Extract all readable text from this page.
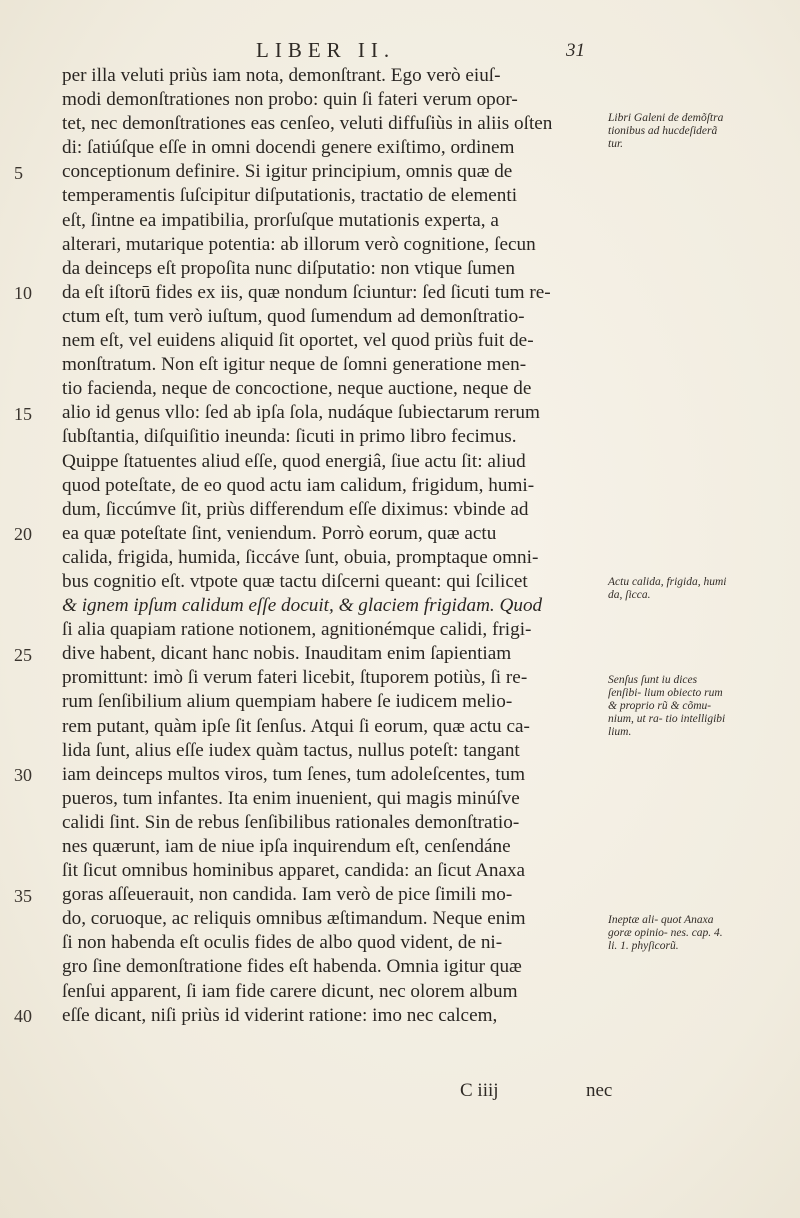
LIBER II.	31
5
10
15
20
25
30
35
40
per illa veluti priùs iam nota, demonſtrant. Ego verò eiuſ-
modi demonſtrationes non probo: quin ſi fateri verum opor-
tet, nec demonſtrationes eas cenſeo, veluti diffuſiùs in aliis oſten
di: ſatiúſque eſſe in omni docendi genere exiſtimo, ordinem
conceptionum definire. Si igitur principium, omnis quæ de
temperamentis ſuſcipitur diſputationis, tractatio de elementi
eſt, ſintne ea impatibilia, prorſuſque mutationis experta, a
alterari, mutarique potentia: ab illorum verò cognitione, ſecun
da deinceps eſt propoſita nunc diſputatio: non vtique ſumen
da eſt iſtorū fides ex iis, quæ nondum ſciuntur: ſed ſicuti tum re-
ctum eſt, tum verò iuſtum, quod ſumendum ad demonſtratio-
nem eſt, vel euidens aliquid ſit oportet, vel quod priùs fuit de-
monſtratum. Non eſt igitur neque de ſomni generatione men-
tio facienda, neque de concoctione, neque auctione, neque de
alio id genus vllo: ſed ab ipſa ſola, nudáque ſubiectarum rerum
ſubſtantia, diſquiſitio ineunda: ſicuti in primo libro fecimus.
Quippe ſtatuentes aliud eſſe, quod energiâ, ſiue actu ſit: aliud
quod poteſtate, de eo quod actu iam calidum, frigidum, humi-
dum, ſiccúmve ſit, priùs differendum eſſe diximus: vbinde ad
ea quæ poteſtate ſint, veniendum. Porrò eorum, quæ actu
calida, frigida, humida, ſiccáve ſunt, obuia, promptaque omni-
bus cognitio eſt. vtpote quæ tactu diſcerni queant: qui ſcilicet
& ignem ipſum calidum eſſe docuit, & glaciem frigidam. Quod
ſi alia quapiam ratione notionem, agnitionémque calidi, frigi-
dive habent, dicant hanc nobis. Inauditam enim ſapientiam
promittunt: imò ſi verum fateri licebit, ſtuporem potiùs, ſi re-
rum ſenſibilium alium quempiam habere ſe iudicem melio-
rem putant, quàm ipſe ſit ſenſus. Atqui ſi eorum, quæ actu ca-
lida ſunt, alius eſſe iudex quàm tactus, nullus poteſt: tangant
iam deinceps multos viros, tum ſenes, tum adoleſcentes, tum
pueros, tum infantes. Ita enim inuenient, qui magis minúſve
calidi ſint. Sin de rebus ſenſibilibus rationales demonſtratio-
nes quærunt, iam de niue ipſa inquirendum eſt, cenſendáne
ſit ſicut omnibus hominibus apparet, candida: an ſicut Anaxa
goras aſſeuerauit, non candida. Iam verò de pice ſimili mo-
do, coruoque, ac reliquis omnibus æſtimandum. Neque enim
ſi non habenda eſt oculis fides de albo quod vident, de ni-
gro ſine demonſtratione fides eſt habenda. Omnia igitur quæ
ſenſui apparent, ſi iam fide carere dicunt, nec olorem album
eſſe dicant, niſi priùs id viderint ratione: imo nec calcem,
Libri Galeni de demõſtra tionibus ad hucdeſiderã tur.
Actu calida, frigida, humi da, ſicca.
Senſus ſunt iu dices ſenſibi- lium obiecto rum & proprio rũ & cõmu- nium, ut ra- tio intelligibi lium.
Ineptæ ali- quot Anaxa goræ opinio- nes. cap. 4. li. 1. phyſicorũ.
C iiij	nec
